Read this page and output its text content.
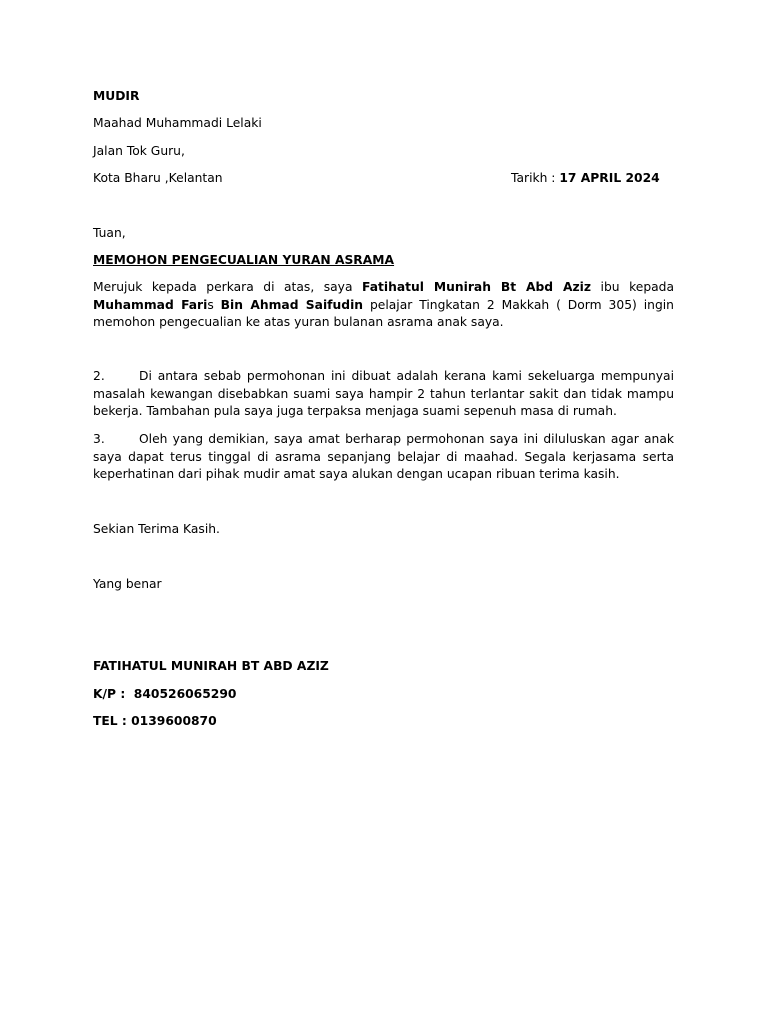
MUDIR
Maahad Muhammadi Lelaki
Jalan Tok Guru,
Kota Bharu ,Kelantan	Tarikh : 17 APRIL 2024
Tuan,
MEMOHON PENGECUALIAN YURAN ASRAMA
Merujuk kepada perkara di atas, saya Fatihatul Munirah Bt Abd Aziz ibu kepada Muhammad Faris Bin Ahmad Saifudin pelajar Tingkatan 2 Makkah ( Dorm 305) ingin memohon pengecualian ke atas yuran bulanan asrama anak saya.
2.	Di antara sebab permohonan ini dibuat adalah kerana kami sekeluarga mempunyai masalah kewangan disebabkan suami saya hampir 2 tahun terlantar sakit dan tidak mampu bekerja. Tambahan pula saya juga terpaksa menjaga suami sepenuh masa di rumah.
3.	Oleh yang demikian, saya amat berharap permohonan saya ini diluluskan agar anak saya dapat terus tinggal di asrama sepanjang belajar di maahad. Segala kerjasama serta keperhatinan dari pihak mudir amat saya alukan dengan ucapan ribuan terima kasih.
Sekian Terima Kasih.
Yang benar
FATIHATUL MUNIRAH BT ABD AZIZ
K/P :  840526065290
TEL : 0139600870
